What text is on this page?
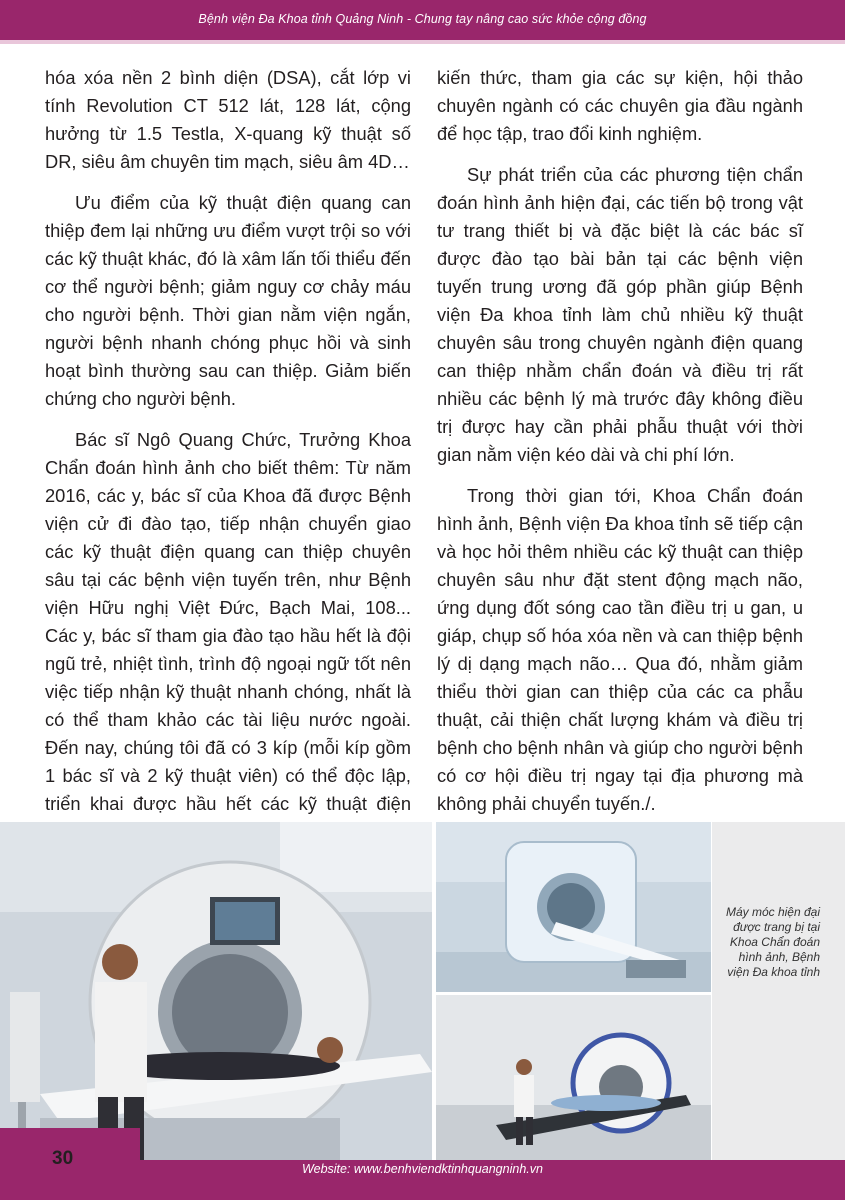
Bệnh viện Đa Khoa tỉnh Quảng Ninh - Chung tay nâng cao sức khỏe cộng đồng

hóa xóa nền 2 bình diện (DSA), cắt lớp vi tính Revolution CT 512 lát, 128 lát, cộng hưởng từ 1.5 Testla, X-quang kỹ thuật số DR, siêu âm chuyên tim mạch, siêu âm 4D…

Ưu điểm của kỹ thuật điện quang can thiệp đem lại những ưu điểm vượt trội so với các kỹ thuật khác, đó là xâm lấn tối thiểu đến cơ thể người bệnh; giảm nguy cơ chảy máu cho người bệnh. Thời gian nằm viện ngắn, người bệnh nhanh chóng phục hồi và sinh hoạt bình thường sau can thiệp. Giảm biến chứng cho người bệnh.

Bác sĩ Ngô Quang Chức, Trưởng Khoa Chẩn đoán hình ảnh cho biết thêm: Từ năm 2016, các y, bác sĩ của Khoa đã được Bệnh viện cử đi đào tạo, tiếp nhận chuyển giao các kỹ thuật điện quang can thiệp chuyên sâu tại các bệnh viện tuyến trên, như Bệnh viện Hữu nghị Việt Đức, Bạch Mai, 108... Các y, bác sĩ tham gia đào tạo hầu hết là đội ngũ trẻ, nhiệt tình, trình độ ngoại ngữ tốt nên việc tiếp nhận kỹ thuật nhanh chóng, nhất là có thể tham khảo các tài liệu nước ngoài. Đến nay, chúng tôi đã có 3 kíp (mỗi kíp gồm 1 bác sĩ và 2 kỹ thuật viên) có thể độc lập, triển khai được hầu hết các kỹ thuật điện

kiến thức, tham gia các sự kiện, hội thảo chuyên ngành có các chuyên gia đầu ngành để học tập, trao đổi kinh nghiệm.

Sự phát triển của các phương tiện chẩn đoán hình ảnh hiện đại, các tiến bộ trong vật tư trang thiết bị và đặc biệt là các bác sĩ được đào tạo bài bản tại các bệnh viện tuyến trung ương đã góp phần giúp Bệnh viện Đa khoa tỉnh làm chủ nhiều kỹ thuật chuyên sâu trong chuyên ngành điện quang can thiệp nhằm chẩn đoán và điều trị rất nhiều các bệnh lý mà trước đây không điều trị được hay cần phải phẫu thuật với thời gian nằm viện kéo dài và chi phí lớn.

Trong thời gian tới, Khoa Chẩn đoán hình ảnh, Bệnh viện Đa khoa tỉnh sẽ tiếp cận và học hỏi thêm nhiều các kỹ thuật can thiệp chuyên sâu như đặt stent động mạch não, ứng dụng đốt sóng cao tần điều trị u gan, u giáp, chụp số hóa xóa nền và can thiệp bệnh lý dị dạng mạch não… Qua đó, nhằm giảm thiểu thời gian can thiệp của các ca phẫu thuật, cải thiện chất lượng khám và điều trị bệnh cho bệnh nhân và giúp cho người bệnh có cơ hội điều trị ngay tại địa phương mà không phải chuyển tuyến./.

Máy móc hiện đại được trang bị tại Khoa Chẩn đoán hình ảnh, Bệnh viện Đa khoa tỉnh
30	Website: www.benhviendktinhquangninh.vn
